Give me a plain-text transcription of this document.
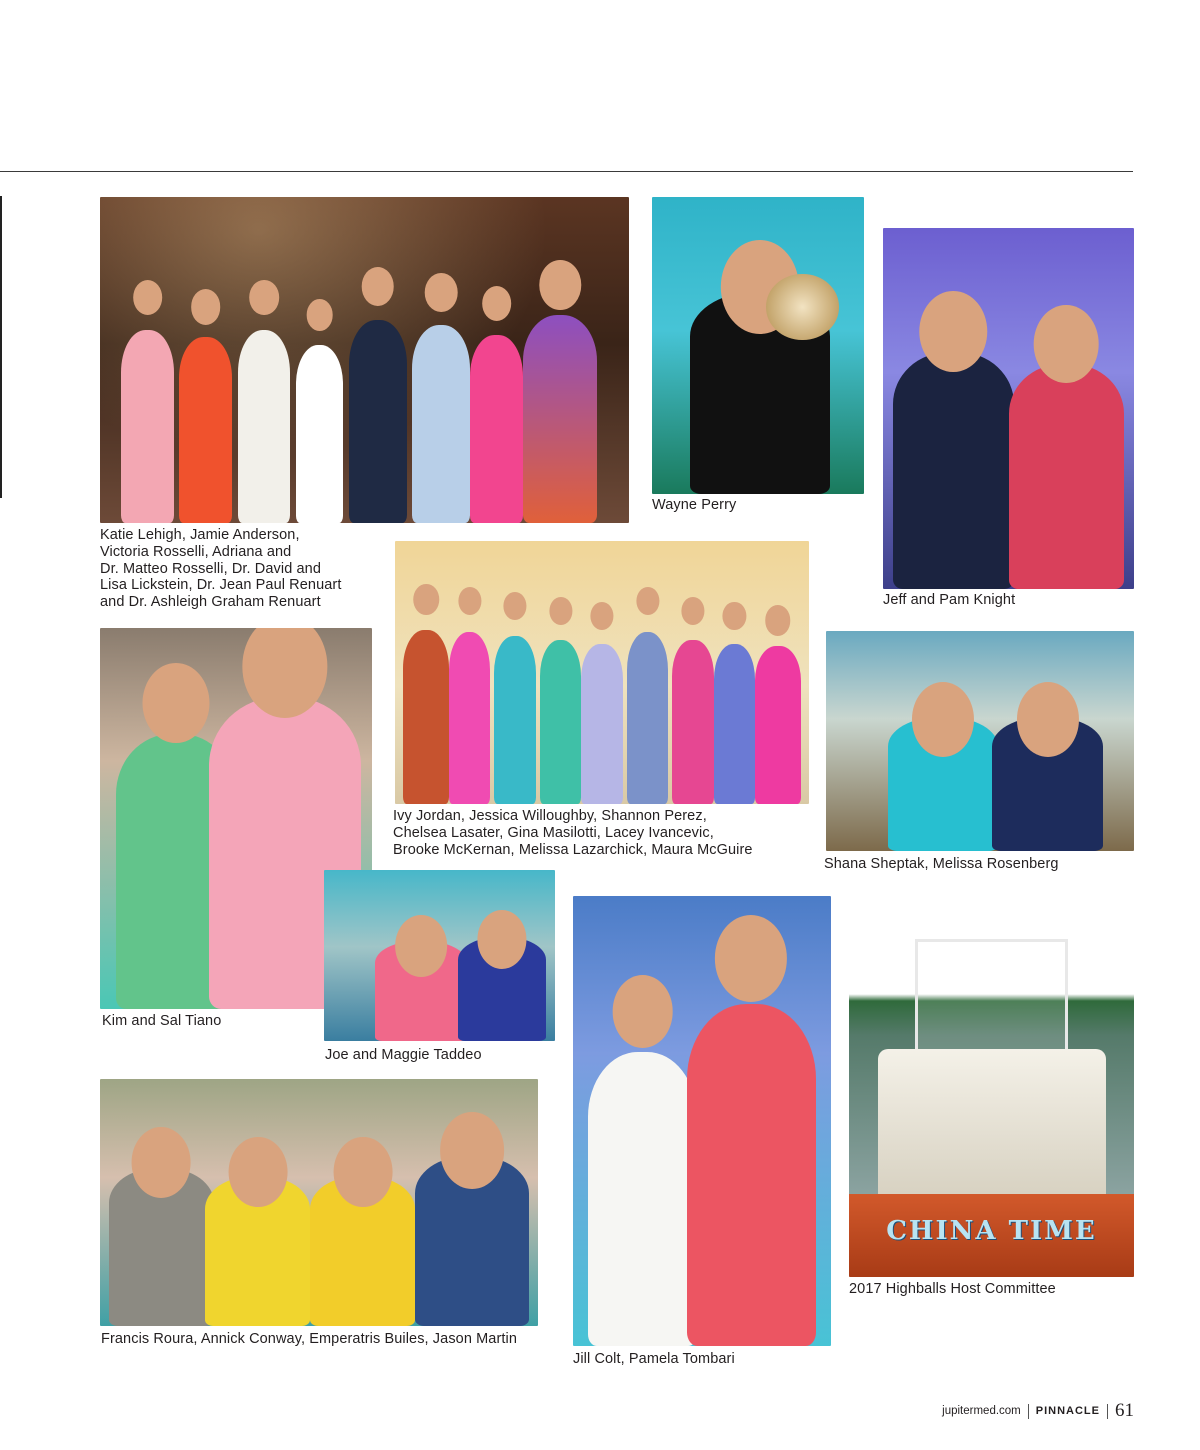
Katie Lehigh, Jamie Anderson,
Victoria Rosselli, Adriana and
Dr. Matteo Rosselli, Dr. David and
Lisa Lickstein, Dr. Jean Paul Renuart
and Dr. Ashleigh Graham Renuart
Wayne Perry
Jeff and Pam Knight
Ivy Jordan, Jessica Willoughby, Shannon Perez,
Chelsea Lasater, Gina Masilotti, Lacey Ivancevic,
Brooke McKernan, Melissa Lazarchick, Maura McGuire
Shana Sheptak, Melissa Rosenberg
Kim and Sal Tiano
Joe and Maggie Taddeo
Francis Roura, Annick Conway, Emperatris Builes, Jason Martin
Jill Colt, Pamela Tombari
CHINA TIME
2017 Highballs Host Committee
jupitermed.com PINNACLE 61
